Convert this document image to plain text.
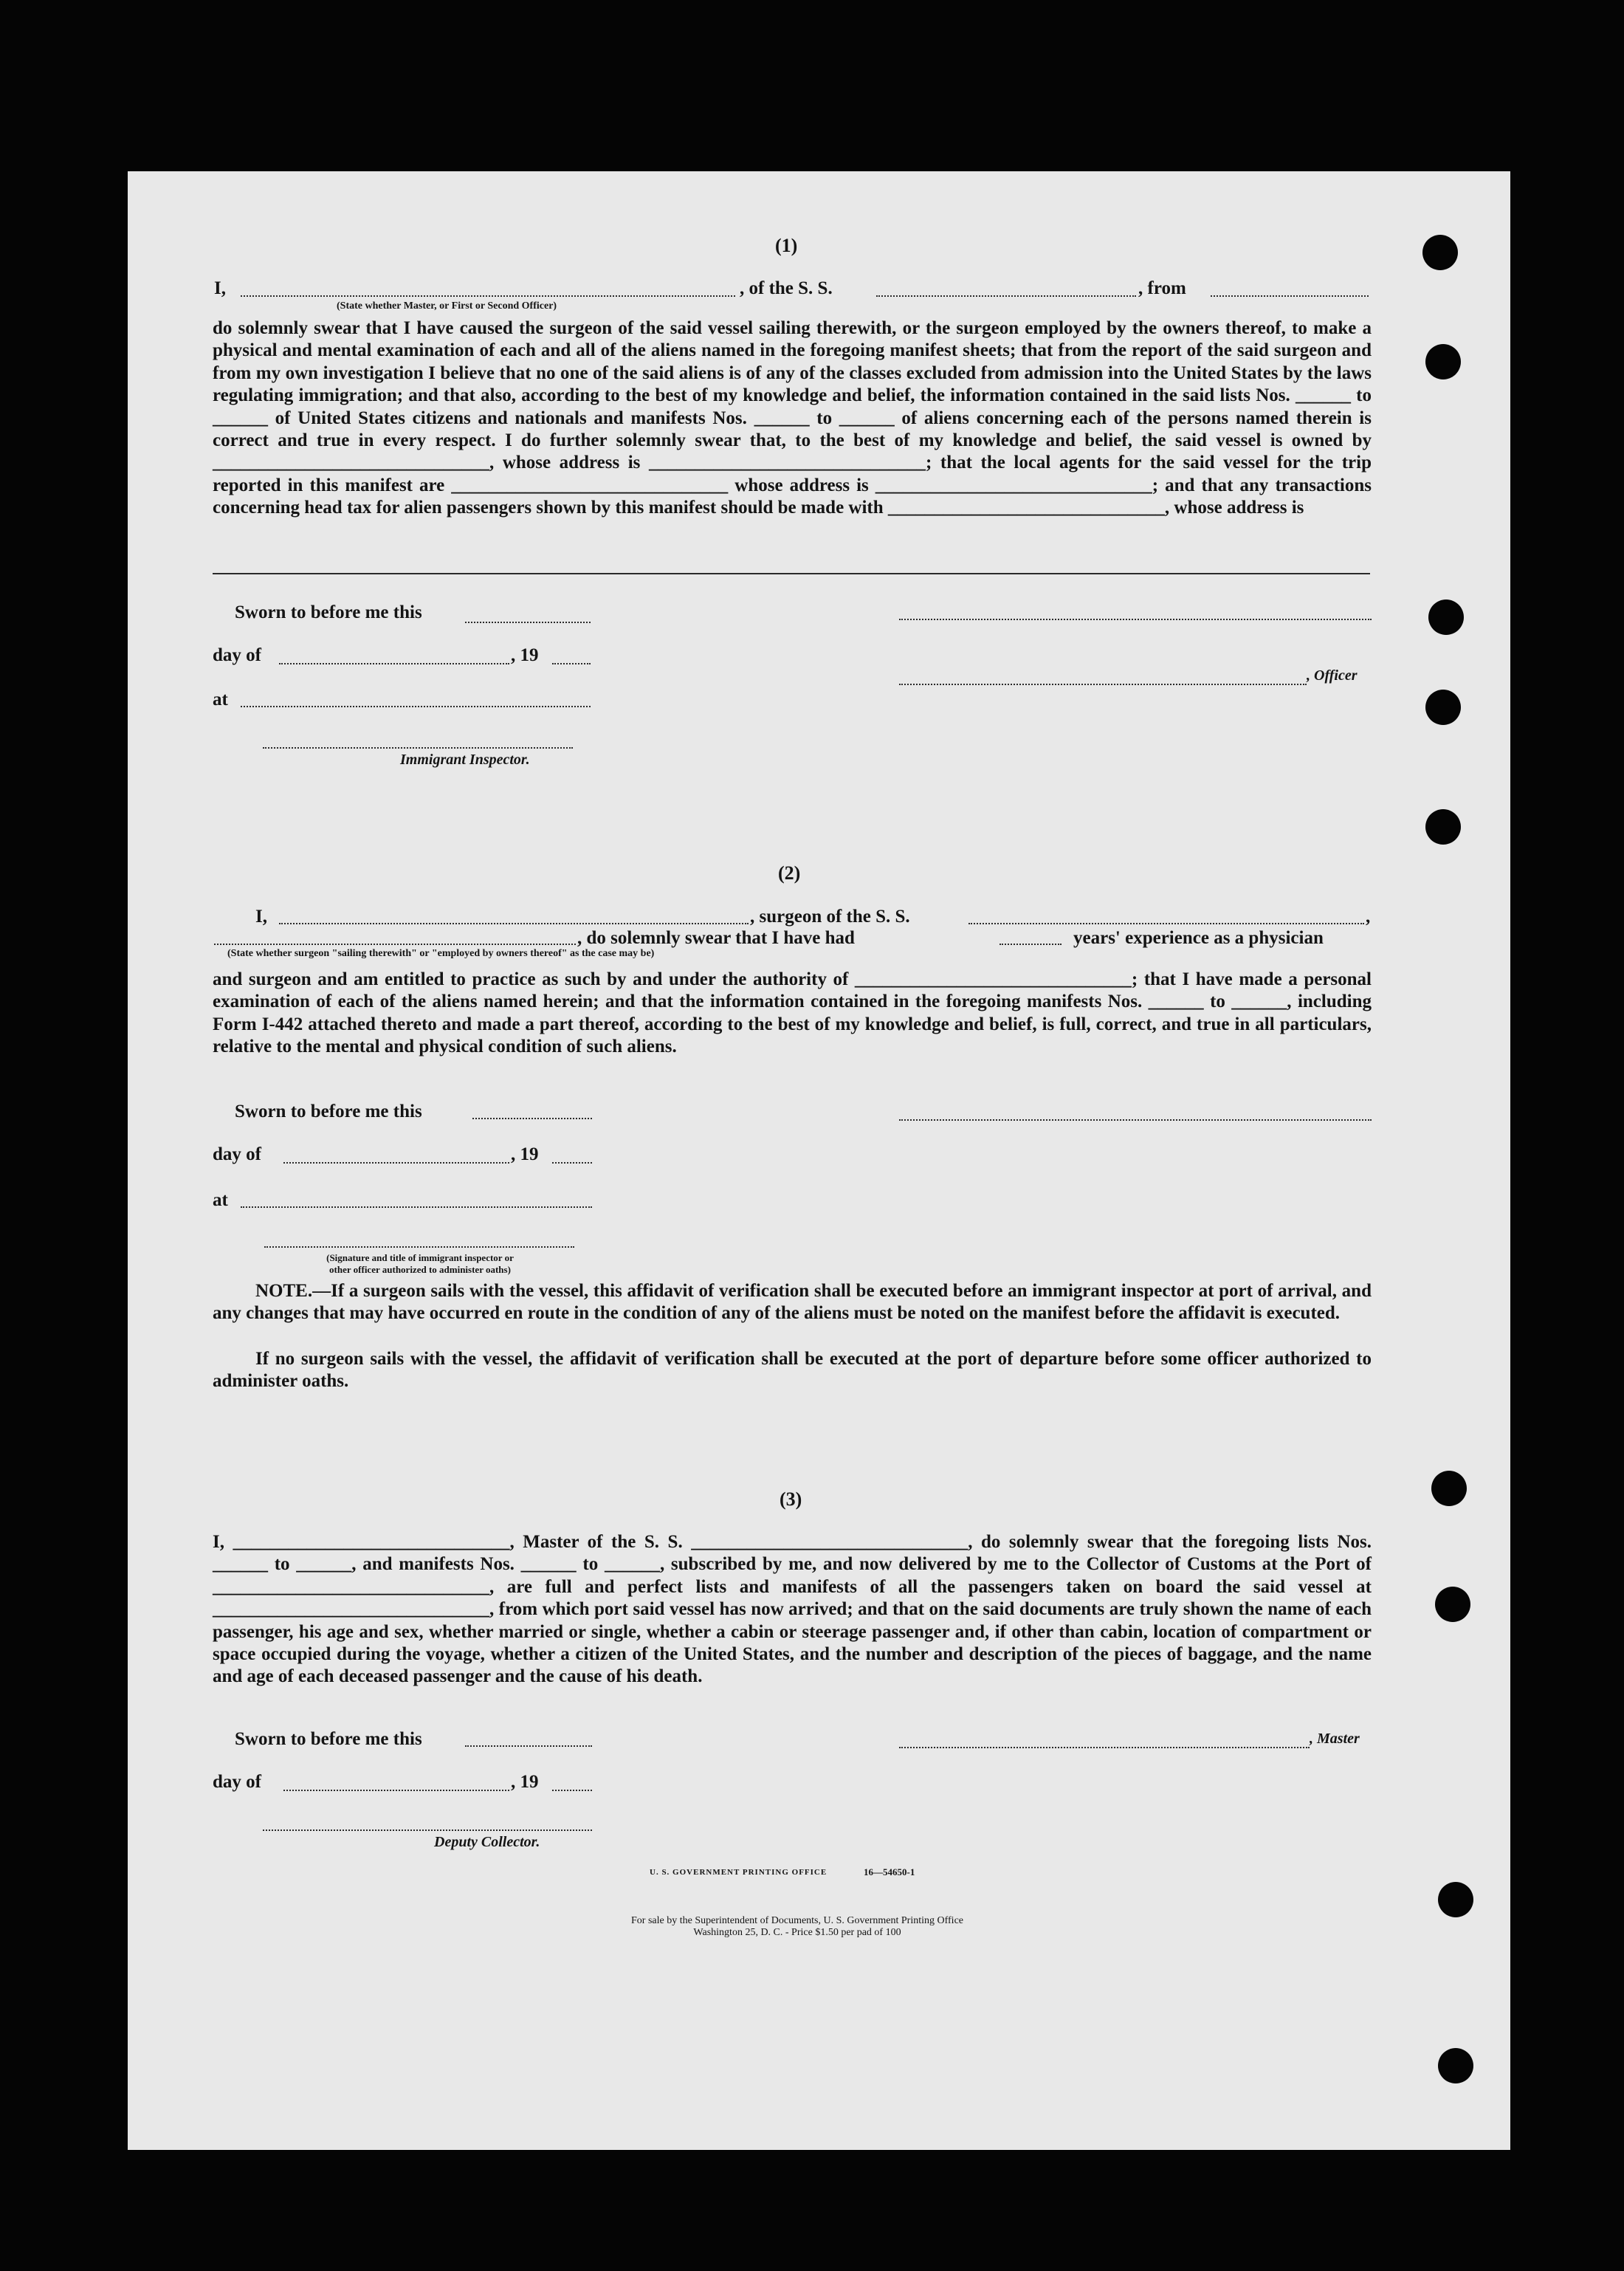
(1)
I,	, of the S. S.	, from
(State whether Master, or First or Second Officer)

do solemnly swear that I have caused the surgeon of the said vessel sailing therewith, or the surgeon employed by the owners thereof, to make a physical and mental examination of each and all of the aliens named in the foregoing manifest sheets; that from the report of the said surgeon and from my own investigation I believe that no one of the said aliens is of any of the classes excluded from admission into the United States by the laws regulating immigration; and that also, according to the best of my knowledge and belief, the information contained in the said lists Nos. ______ to ______ of United States citizens and nationals and manifests Nos. ______ to ______ of aliens concerning each of the persons named therein is correct and true in every respect. I do further solemnly swear that, to the best of my knowledge and belief, the said vessel is owned by ______________________________, whose address is ______________________________; that the local agents for the said vessel for the trip reported in this manifest are ______________________________ whose address is ______________________________; and that any transactions concerning head tax for alien passengers shown by this manifest should be made with ______________________________, whose address is

Sworn to before me this
day of	, 19
at
Immigrant Inspector.
, Officer
(2)
I,	, surgeon of the S. S.	,
, do solemnly swear that I have had	years' experience as a physician
(State whether surgeon "sailing therewith" or "employed by owners thereof" as the case may be)

and surgeon and am entitled to practice as such by and under the authority of ______________________________; that I have made a personal examination of each of the aliens named herein; and that the information contained in the foregoing manifests Nos. ______ to ______, including Form I-442 attached thereto and made a part thereof, according to the best of my knowledge and belief, is full, correct, and true in all particulars, relative to the mental and physical condition of such aliens.

Sworn to before me this
day of	, 19
at
(Signature and title of immigrant inspector or
other officer authorized to administer oaths)

NOTE.—If a surgeon sails with the vessel, this affidavit of verification shall be executed before an immigrant inspector at port of arrival, and any changes that may have occurred en route in the condition of any of the aliens must be noted on the manifest before the affidavit is executed.

If no surgeon sails with the vessel, the affidavit of verification shall be executed at the port of departure before some officer authorized to administer oaths.

(3)

I, ______________________________, Master of the S. S. ______________________________, do solemnly swear that the foregoing lists Nos. ______ to ______, and manifests Nos. ______ to ______, subscribed by me, and now delivered by me to the Collector of Customs at the Port of ______________________________, are full and perfect lists and manifests of all the passengers taken on board the said vessel at ______________________________, from which port said vessel has now arrived; and that on the said documents are truly shown the name of each passenger, his age and sex, whether married or single, whether a cabin or steerage passenger and, if other than cabin, location of compartment or space occupied during the voyage, whether a citizen of the United States, and the number and description of the pieces of baggage, and the name and age of each deceased passenger and the cause of his death.

Sworn to before me this
day of	, 19
Deputy Collector.
, Master
U. S. GOVERNMENT PRINTING OFFICE	16—54650-1
For sale by the Superintendent of Documents, U. S. Government Printing Office
Washington 25, D. C. - Price $1.50 per pad of 100
